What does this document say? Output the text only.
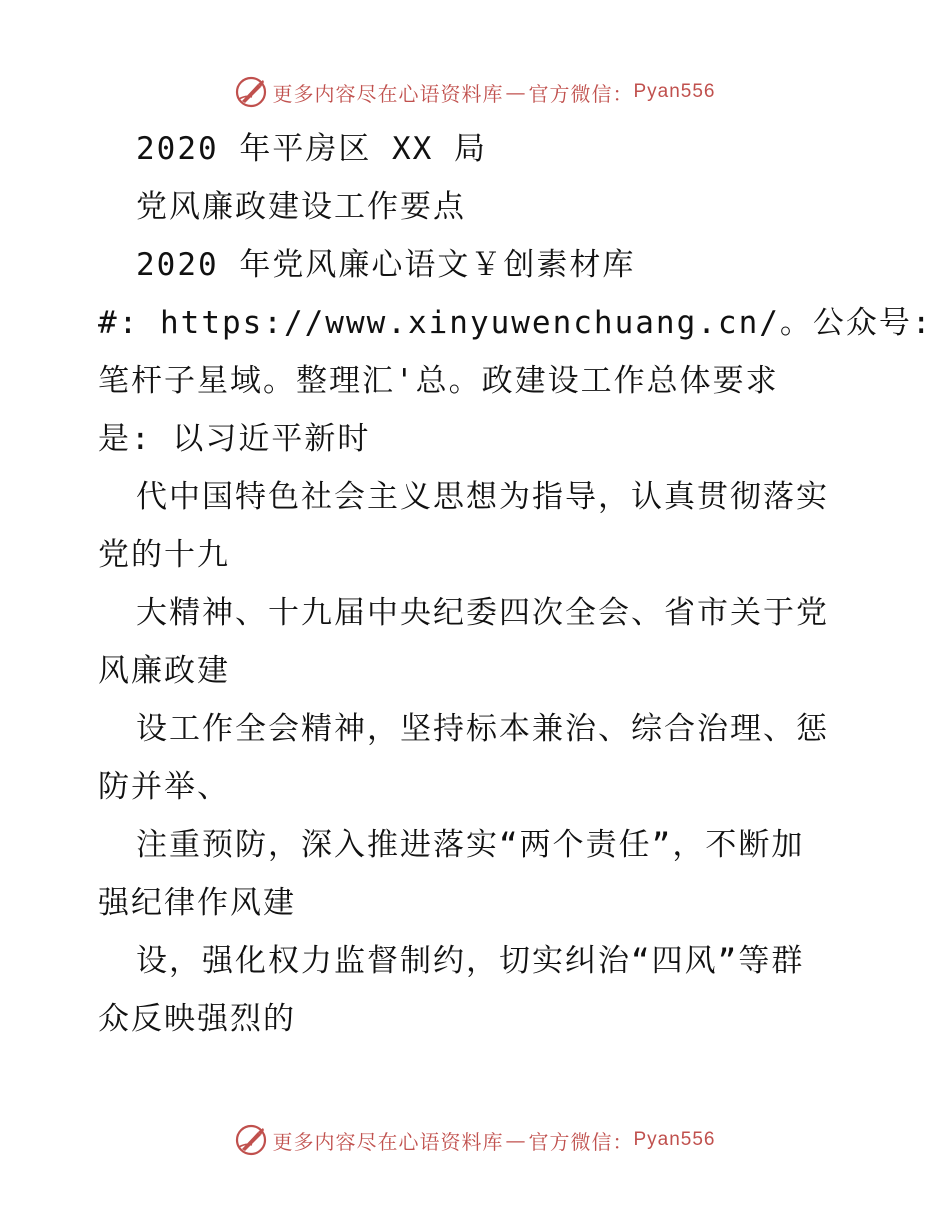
更多内容尽在心语资料库 — 官方微信： Pyan556
2020 年平房区 XX 局
党风廉政建设工作要点
2020 年党风廉心语文￥创素材库
#: https://www.xinyuwenchuang.cn/。公众号:
笔杆子星域。整理汇'总。政建设工作总体要求
是: 以习近平新时
代中国特色社会主义思想为指导，认真贯彻落实
党的十九
大精神、十九届中央纪委四次全会、省市关于党
风廉政建
设工作全会精神，坚持标本兼治、综合治理、惩
防并举、
注重预防，深入推进落实“两个责任”，不断加
强纪律作风建
设，强化权力监督制约，切实纠治“四风”等群
众反映强烈的
更多内容尽在心语资料库 — 官方微信： Pyan556
